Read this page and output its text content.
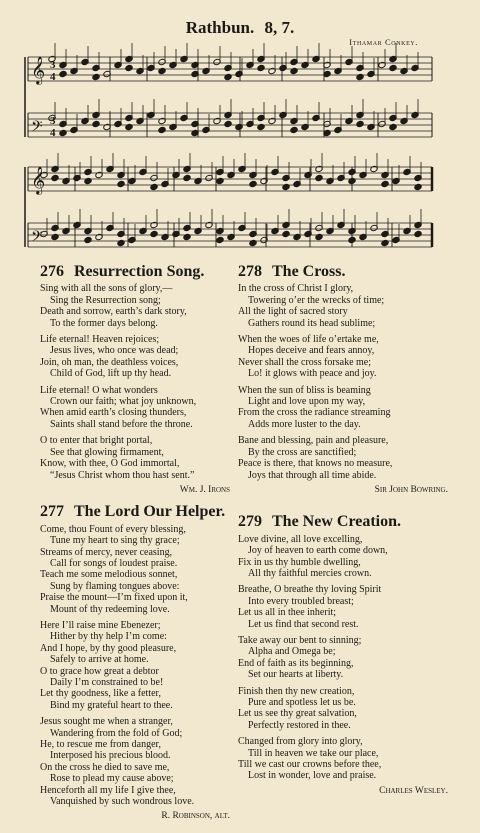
Rathbun. 8, 7.
Ithamar Conkey.
𝄞 3
4
𝄢 3
4
𝄞
𝄢
276 Resurrection Song.
Sing with all the sons of glory,—
Sing the Resurrection song;
Death and sorrow, earth’s dark story,
To the former days belong.
Life eternal! Heaven rejoices;
Jesus lives, who once was dead;
Join, oh man, the deathless voices,
Child of God, lift up thy head.
Life eternal! O what wonders
Crown our faith; what joy unknown,
When amid earth’s closing thunders,
Saints shall stand before the throne.
O to enter that bright portal,
See that glowing firmament,
Know, with thee, O God immortal,
“Jesus Christ whom thou hast sent.”
Wm. J. Irons
277 The Lord Our Helper.
Come, thou Fount of every blessing,
Tune my heart to sing thy grace;
Streams of mercy, never ceasing,
Call for songs of loudest praise.
Teach me some melodious sonnet,
Sung by flaming tongues above:
Praise the mount—I’m fixed upon it,
Mount of thy redeeming love.
Here I’ll raise mine Ebenezer;
Hither by thy help I’m come:
And I hope, by thy good pleasure,
Safely to arrive at home.
O to grace how great a debtor
Daily I’m constrained to be!
Let thy goodness, like a fetter,
Bind my grateful heart to thee.
Jesus sought me when a stranger,
Wandering from the fold of God;
He, to rescue me from danger,
Interposed his precious blood.
On the cross he died to save me,
Rose to plead my cause above;
Henceforth all my life I give thee,
Vanquished by such wondrous love.
R. Robinson, alt.
278 The Cross.
In the cross of Christ I glory,
Towering o’er the wrecks of time;
All the light of sacred story
Gathers round its head sublime;
When the woes of life o’ertake me,
Hopes deceive and fears annoy,
Never shall the cross forsake me;
Lo! it glows with peace and joy.
When the sun of bliss is beaming
Light and love upon my way,
From the cross the radiance streaming
Adds more luster to the day.
Bane and blessing, pain and pleasure,
By the cross are sanctified;
Peace is there, that knows no measure,
Joys that through all time abide.
Sir John Bowring.
279 The New Creation.
Love divine, all love excelling,
Joy of heaven to earth come down,
Fix in us thy humble dwelling,
All thy faithful mercies crown.
Breathe, O breathe thy loving Spirit
Into every troubled breast;
Let us all in thee inherit;
Let us find that second rest.
Take away our bent to sinning;
Alpha and Omega be;
End of faith as its beginning,
Set our hearts at liberty.
Finish then thy new creation,
Pure and spotless let us be.
Let us see thy great salvation,
Perfectly restored in thee.
Changed from glory into glory,
Till in heaven we take our place,
Till we cast our crowns before thee,
Lost in wonder, love and praise.
Charles Wesley.
